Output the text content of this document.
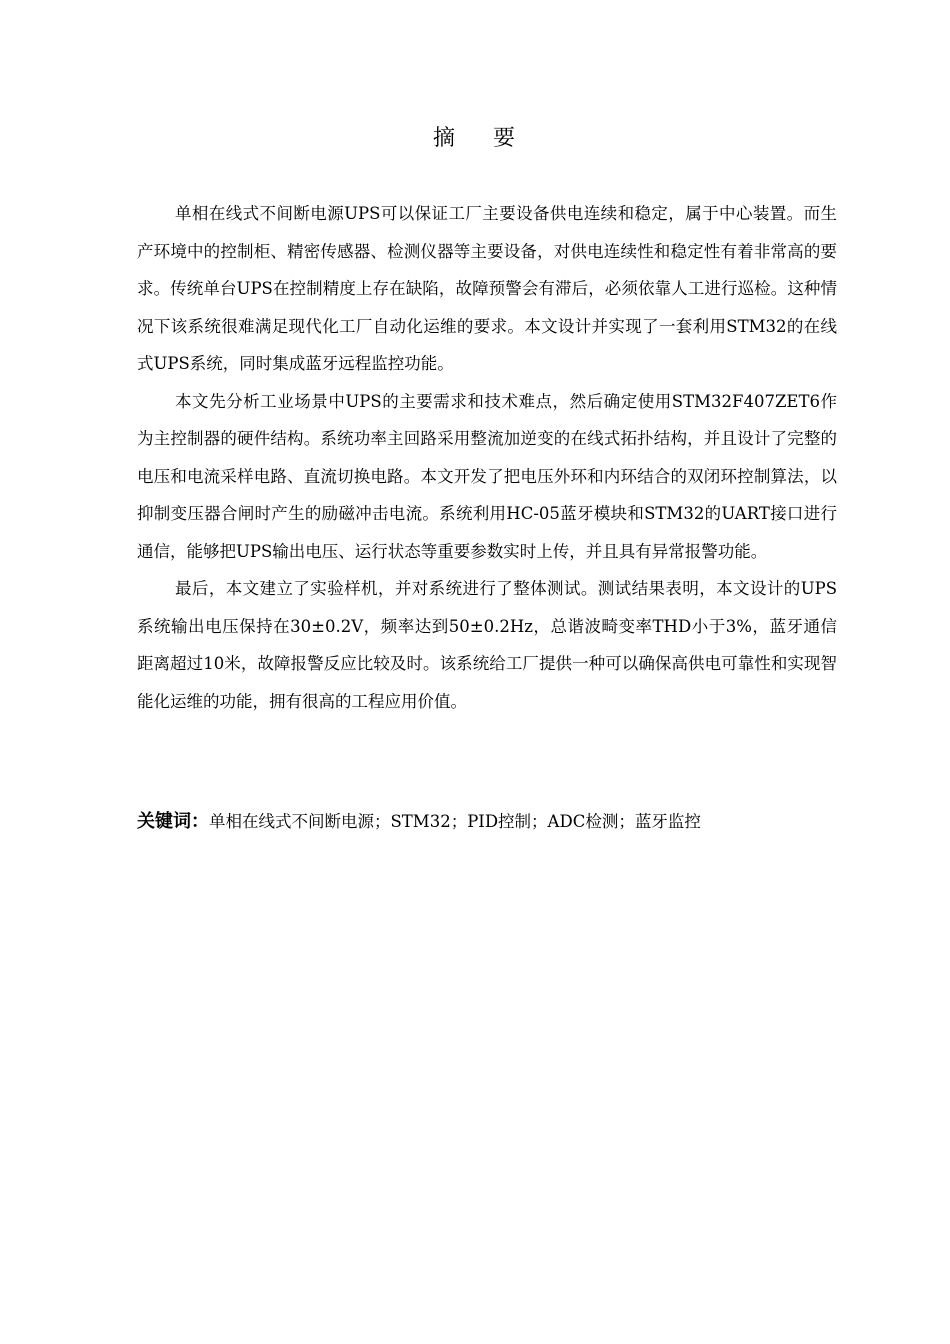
摘    要

单相在线式不间断电源UPS可以保证工厂主要设备供电连续和稳定，属于中心装置。而生产环境中的控制柜、精密传感器、检测仪器等主要设备，对供电连续性和稳定性有着非常高的要求。传统单台UPS在控制精度上存在缺陷，故障预警会有滞后，必须依靠人工进行巡检。这种情况下该系统很难满足现代化工厂自动化运维的要求。本文设计并实现了一套利用STM32的在线式UPS系统，同时集成蓝牙远程监控功能。

本文先分析工业场景中UPS的主要需求和技术难点，然后确定使用STM32F407ZET6作为主控制器的硬件结构。系统功率主回路采用整流加逆变的在线式拓扑结构，并且设计了完整的电压和电流采样电路、直流切换电路。本文开发了把电压外环和内环结合的双闭环控制算法，以抑制变压器合闸时产生的励磁冲击电流。系统利用HC-05蓝牙模块和STM32的UART接口进行通信，能够把UPS输出电压、运行状态等重要参数实时上传，并且具有异常报警功能。

最后，本文建立了实验样机，并对系统进行了整体测试。测试结果表明，本文设计的UPS系统输出电压保持在30±0.2V，频率达到50±0.2Hz，总谐波畸变率THD小于3%，蓝牙通信距离超过10米，故障报警反应比较及时。该系统给工厂提供一种可以确保高供电可靠性和实现智能化运维的功能，拥有很高的工程应用价值。

关键词：单相在线式不间断电源；STM32；PID控制；ADC检测；蓝牙监控
